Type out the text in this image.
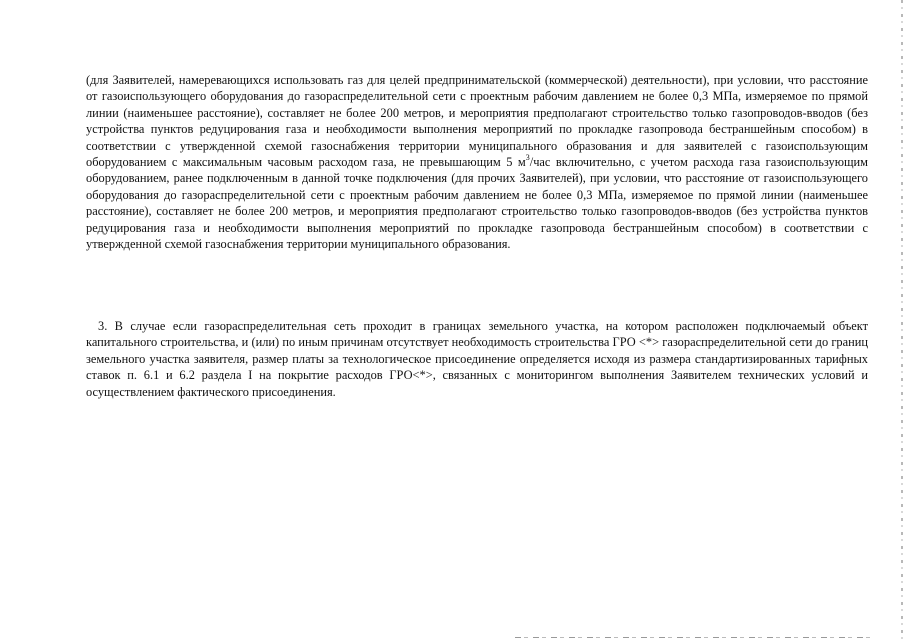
(для Заявителей, намеревающихся использовать газ для целей предпринимательской (коммерческой) деятельности), при условии, что расстояние от газоиспользующего оборудования до газораспределительной сети с проектным рабочим давлением не более 0,3 МПа, измеряемое по прямой линии (наименьшее расстояние), составляет не более 200 метров, и мероприятия предполагают строительство только газопроводов-вводов (без устройства пунктов редуцирования газа и необходимости выполнения мероприятий по прокладке газопровода бестраншейным способом) в соответствии с утвержденной схемой газоснабжения территории муниципального образования и для заявителей с газоиспользующим оборудованием с максимальным часовым расходом газа, не превышающим 5 $м^3$/час включительно, с учетом расхода газа газоиспользующим оборудованием, ранее подключенным в данной точке подключения (для прочих Заявителей), при условии, что расстояние от газоиспользующего оборудования до газораспределительной сети с проектным рабочим давлением не более 0,3 МПа, измеряемое по прямой линии (наименьшее расстояние), составляет не более 200 метров, и мероприятия предполагают строительство только газопроводов-вводов (без устройства пунктов редуцирования газа и необходимости выполнения мероприятий по прокладке газопровода бестраншейным способом) в соответствии с утвержденной схемой газоснабжения территории муниципального образования.

3. В случае если газораспределительная сеть проходит в границах земельного участка, на котором расположен подключаемый объект капитального строительства, и (или) по иным причинам отсутствует необходимость строительства ГРО <*> газораспределительной сети до границ земельного участка заявителя, размер платы за технологическое присоединение определяется исходя из размера стандартизированных тарифных ставок п. 6.1 и 6.2 раздела I на покрытие расходов ГРО<*>, связанных с мониторингом выполнения Заявителем технических условий и осуществлением фактического присоединения.
